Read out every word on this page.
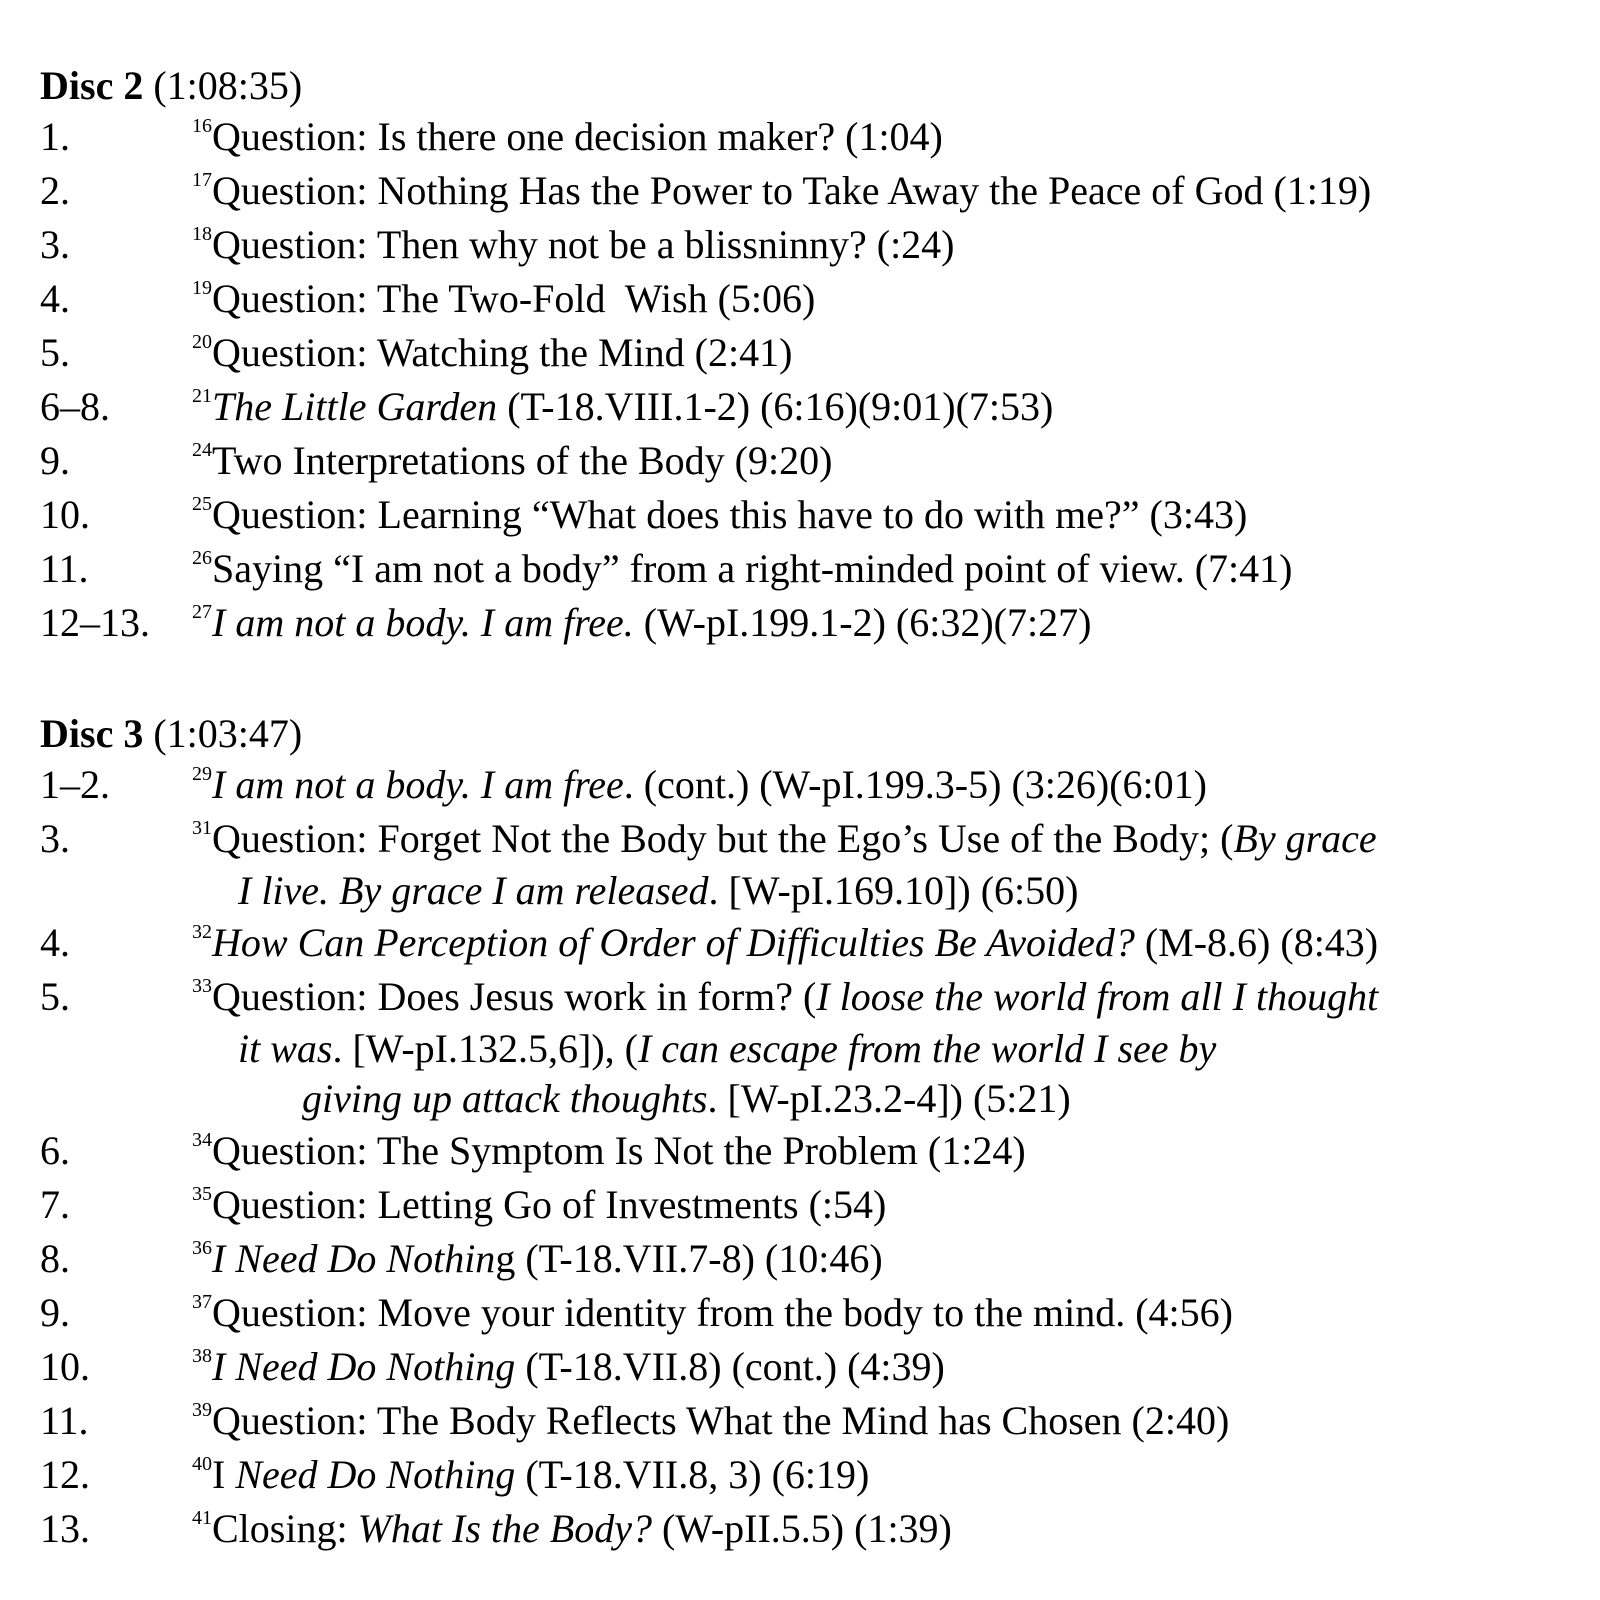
Disc 2 (1:08:35)
1.	$^{16}$Question: Is there one decision maker? (1:04)
2.	$^{17}$Question: Nothing Has the Power to Take Away the Peace of God (1:19)
3.	$^{18}$Question: Then why not be a blissninny? (:24)
4.	$^{19}$Question: The Two-Fold  Wish (5:06)
5.	$^{20}$Question: Watching the Mind (2:41)
6–8.	$^{21}$The Little Garden (T-18.VIII.1-2) (6:16)(9:01)(7:53)
9.	$^{24}$Two Interpretations of the Body (9:20)
10.	$^{25}$Question: Learning “What does this have to do with me?” (3:43)
11.	$^{26}$Saying “I am not a body” from a right-minded point of view. (7:41)
12–13. $^{27}$I am not a body. I am free. (W-pI.199.1-2) (6:32)(7:27)
Disc 3 (1:03:47)
1–2.	$^{29}$I am not a body. I am free. (cont.) (W-pI.199.3-5) (3:26)(6:01)
3.	$^{31}$Question: Forget Not the Body but the Ego’s Use of the Body; (By grace
I live. By grace I am released. [W-pI.169.10]) (6:50)
4.	$^{32}$How Can Perception of Order of Difficulties Be Avoided? (M-8.6) (8:43)
5.	$^{33}$Question: Does Jesus work in form? (I loose the world from all I thought
it was. [W-pI.132.5,6]), (I can escape from the world I see by
giving up attack thoughts. [W-pI.23.2-4]) (5:21)
6.	$^{34}$Question: The Symptom Is Not the Problem (1:24)
7.	$^{35}$Question: Letting Go of Investments (:54)
8.	$^{36}$I Need Do Nothing (T-18.VII.7-8) (10:46)
9.	$^{37}$Question: Move your identity from the body to the mind. (4:56)
10.	$^{38}$I Need Do Nothing (T-18.VII.8) (cont.) (4:39)
11.	$^{39}$Question: The Body Reflects What the Mind has Chosen (2:40)
12.	$^{40}$I Need Do Nothing (T-18.VII.8, 3) (6:19)
13.	$^{41}$Closing: What Is the Body? (W-pII.5.5) (1:39)
